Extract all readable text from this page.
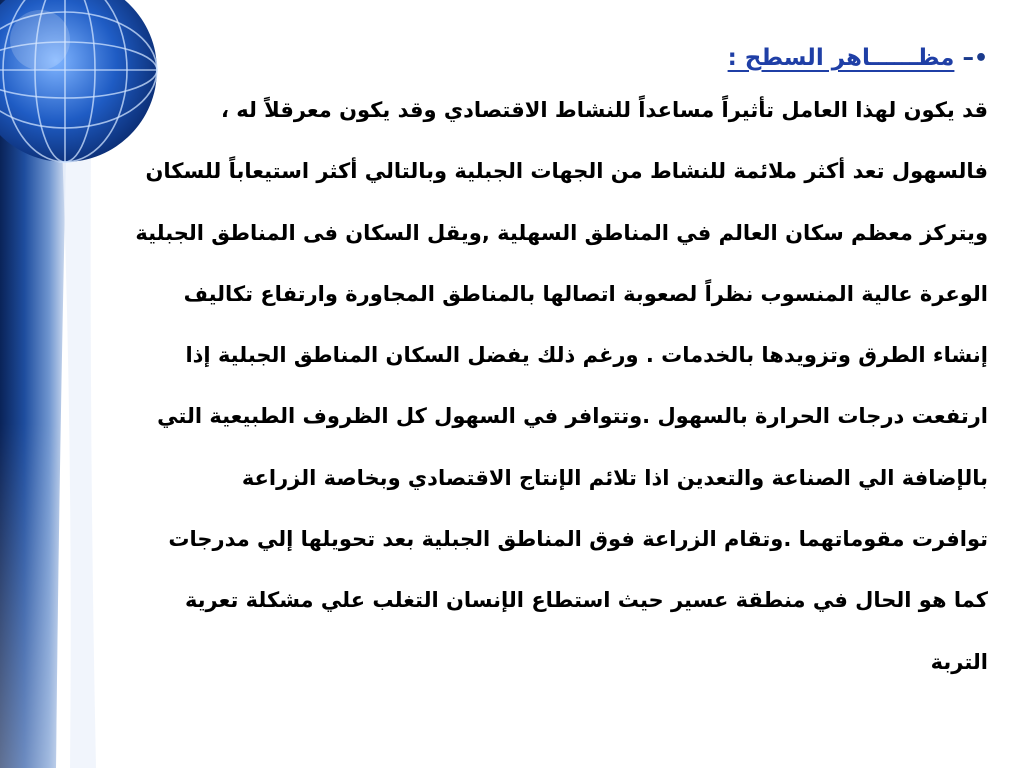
•– مظــــــاهر السطح :
قد يكون لهذا العامل تأثيراً مساعداً للنشاط الاقتصادي وقد يكون معرقلاً له ،
فالسهول تعد أكثر ملائمة للنشاط من الجهات الجبلية وبالتالي أكثر استيعاباً للسكان
ويتركز معظم سكان العالم في المناطق السهلية ,ويقل السكان فى المناطق الجبلية
الوعرة عالية المنسوب نظراً لصعوبة اتصالها بالمناطق المجاورة وارتفاع تكاليف
إنشاء الطرق وتزويدها بالخدمات . ورغم ذلك يفضل السكان المناطق الجبلية إذا
ارتفعت درجات الحرارة بالسهول .وتتوافر في السهول كل الظروف الطبيعية التي
بالإضافة الي الصناعة والتعدين اذا تلائم الإنتاج الاقتصادي وبخاصة الزراعة
توافرت مقوماتهما .وتقام الزراعة فوق المناطق الجبلية بعد تحويلها إلي مدرجات
كما هو الحال في منطقة عسير حيث استطاع الإنسان التغلب علي مشكلة تعرية
التربة
